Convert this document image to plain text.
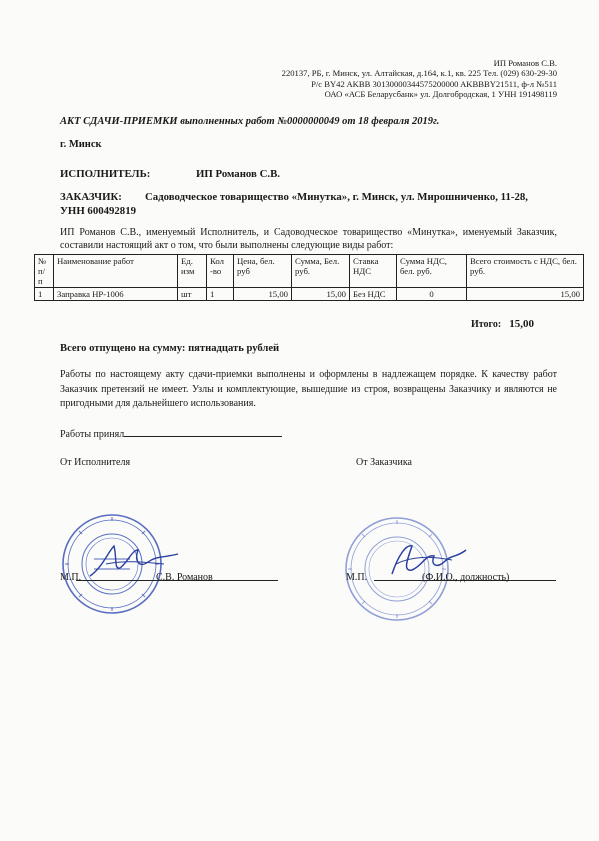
ИП Романов С.В.
220137, РБ, г. Минск, ул. Алтайская, д.164, к.1, кв. 225 Тел. (029) 630-29-30
Р/с BY42 AKBB 30130000344575200000 AKBBBY21511, ф-л №511
ОАО «АСБ Беларусбанк» ул. Долгобродская, 1 УНН 191498119
АКТ СДАЧИ-ПРИЕМКИ выполненных работ №0000000049 от 18 февраля 2019г.
г. Минск
ИСПОЛНИТЕЛЬ:	ИП Романов С.В.
ЗАКАЗЧИК: Садоводческое товарищество «Минутка», г. Минск, ул. Мирошниченко, 11-28, УНН 600492819
ИП Романов С.В., именуемый Исполнитель, и Садоводческое товарищество «Минутка», именуемый Заказчик, составили настоящий акт о том, что были выполнены следующие виды работ:
№ п/ п	Наименование работ	Ед. изм	Кол -во	Цена, бел. руб	Сумма, Бел. руб.	Ставка НДС	Сумма НДС, бел. руб.	Всего стоимость с НДС, бел. руб.
1	Заправка HP-1006	шт	1	15,00	15,00	Без НДС	0	15,00
Итого: 15,00
Всего отпущено на сумму: пятнадцать рублей
Работы по настоящему акту сдачи-приемки выполнены и оформлены в надлежащем порядке. К качеству работ Заказчик претензий не имеет. Узлы и комплектующие, вышедшие из строя, возвращены Заказчику и являются не пригодными для дальнейшего использования.
Работы принял
От Исполнителя	От Заказчика
М.П.	С.В. Романов	М.П.	(Ф.И.О., должность)
